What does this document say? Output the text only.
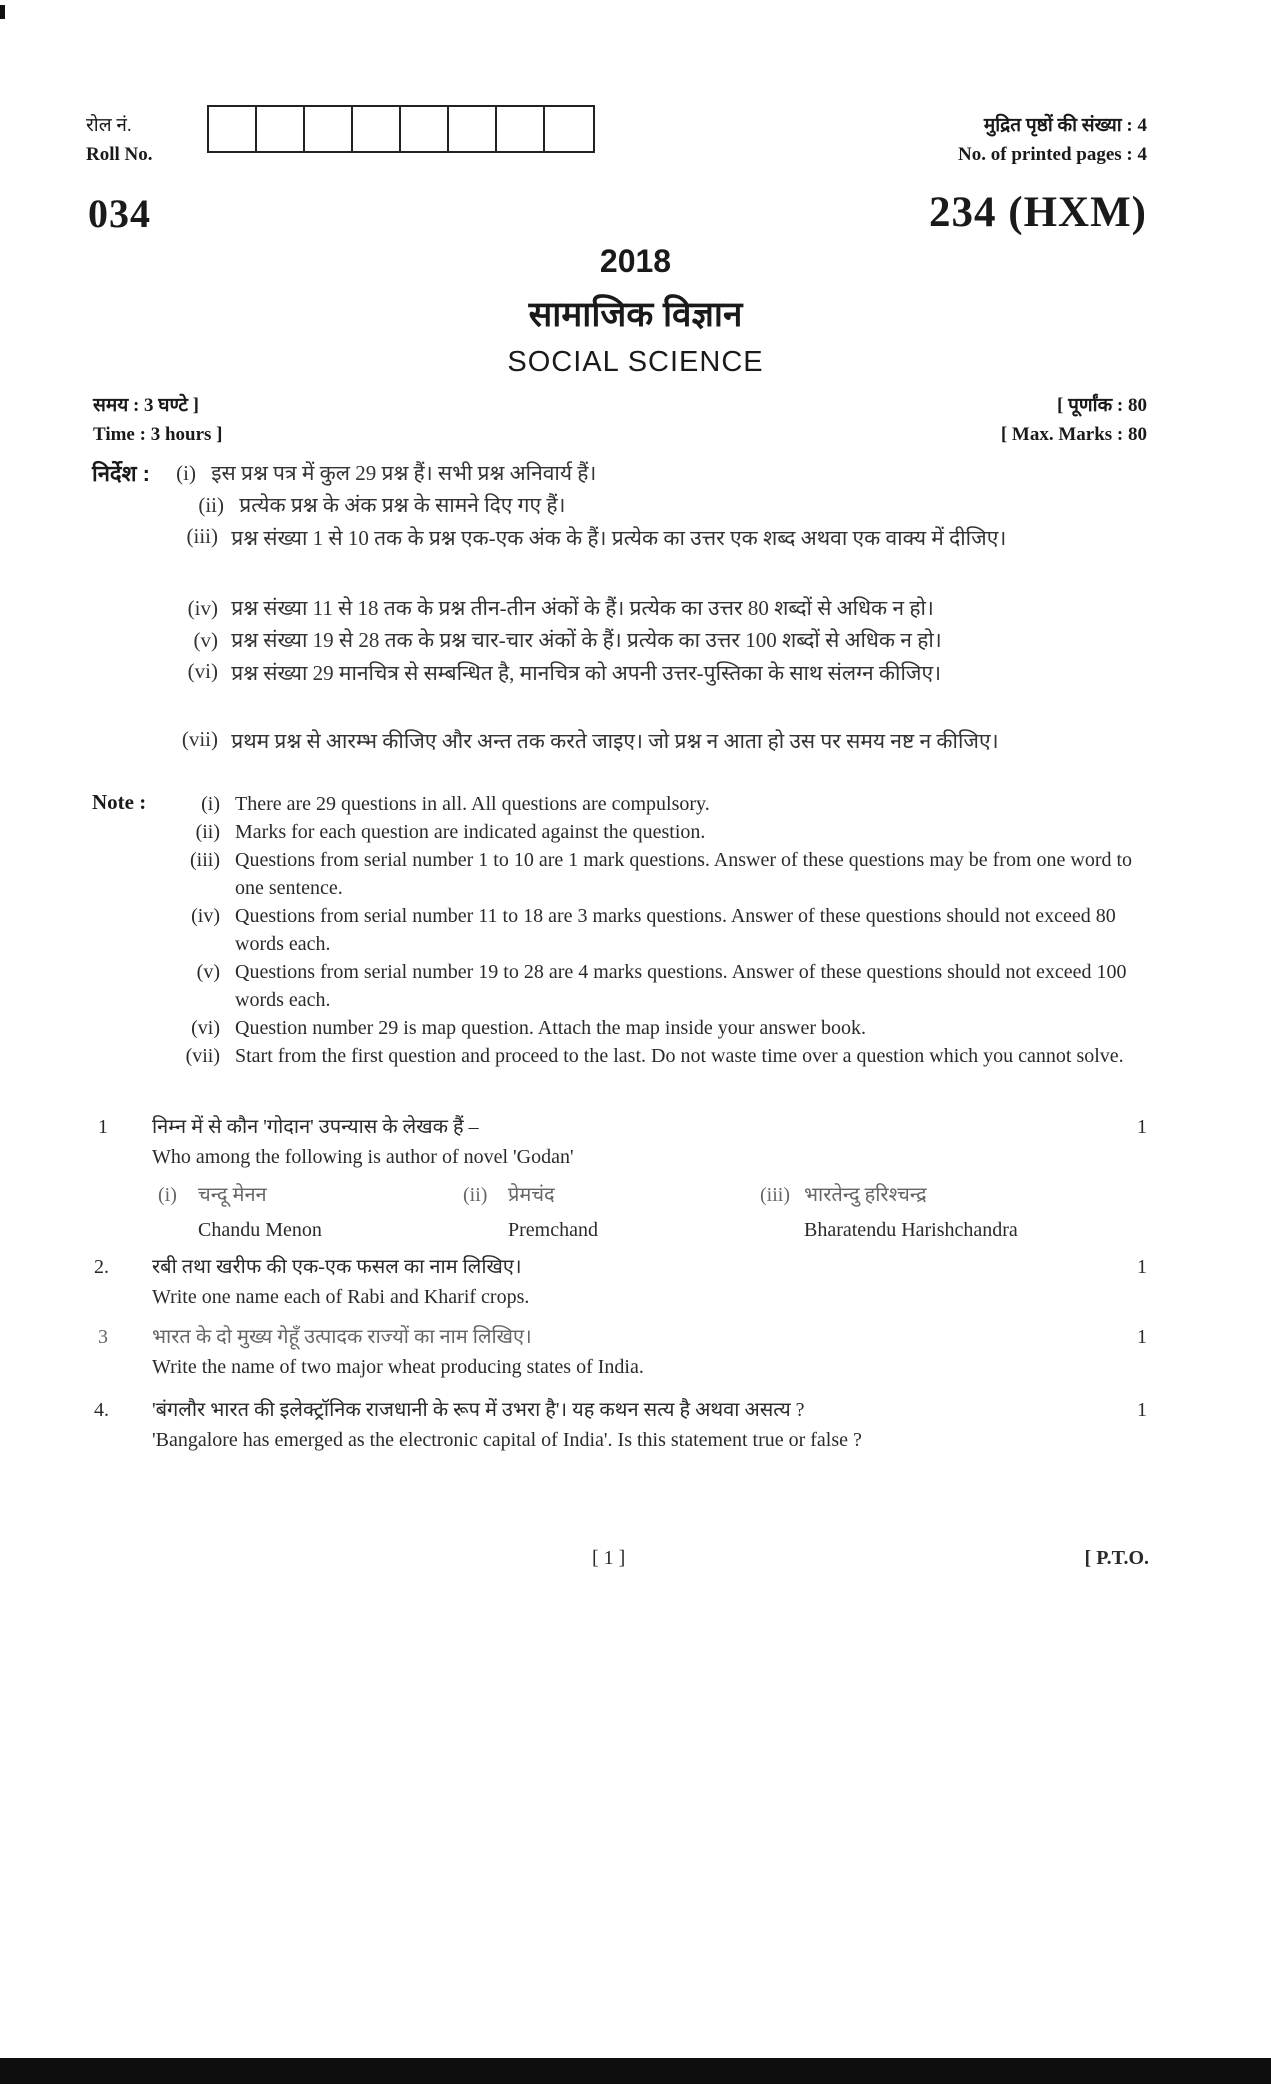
रोल नं.
Roll No.
मुद्रित पृष्ठों की संख्या : 4
No. of printed pages : 4
034	234 (HXM)
2018
सामाजिक विज्ञान
SOCIAL SCIENCE
समय : 3 घण्टे ]
Time : 3 hours ]
[ पूर्णांक : 80
[ Max. Marks : 80
निर्देश :	(i) इस प्रश्न पत्र में कुल 29 प्रश्न हैं। सभी प्रश्न अनिवार्य हैं।
(ii) प्रत्येक प्रश्न के अंक प्रश्न के सामने दिए गए हैं।
(iii) प्रश्न संख्या 1 से 10 तक के प्रश्न एक-एक अंक के हैं। प्रत्येक का उत्तर एक शब्द अथवा एक वाक्य में दीजिए।
(iv) प्रश्न संख्या 11 से 18 तक के प्रश्न तीन-तीन अंकों के हैं। प्रत्येक का उत्तर 80 शब्दों से अधिक न हो।
(v) प्रश्न संख्या 19 से 28 तक के प्रश्न चार-चार अंकों के हैं। प्रत्येक का उत्तर 100 शब्दों से अधिक न हो।
(vi) प्रश्न संख्या 29 मानचित्र से सम्बन्धित है, मानचित्र को अपनी उत्तर-पुस्तिका के साथ संलग्न कीजिए।
(vii) प्रथम प्रश्न से आरम्भ कीजिए और अन्त तक करते जाइए। जो प्रश्न न आता हो उस पर समय नष्ट न कीजिए।
Note :	(i) There are 29 questions in all. All questions are compulsory.
(ii) Marks for each question are indicated against the question.
(iii) Questions from serial number 1 to 10 are 1 mark questions. Answer of these questions may be from one word to one sentence.
(iv) Questions from serial number 11 to 18 are 3 marks questions. Answer of these questions should not exceed 80 words each.
(v) Questions from serial number 19 to 28 are 4 marks questions. Answer of these questions should not exceed 100 words each.
(vi) Question number 29 is map question. Attach the map inside your answer book.
(vii) Start from the first question and proceed to the last. Do not waste time over a question which you cannot solve.
1 निम्न में से कौन 'गोदान' उपन्यास के लेखक हैं –
Who among the following is author of novel 'Godan'
1
(i) चन्दू मेनन
Chandu Menon
(ii) प्रेमचंद
Premchand
(iii) भारतेन्दु हरिश्चन्द्र
Bharatendu Harishchandra
2. रबी तथा खरीफ की एक-एक फसल का नाम लिखिए।
Write one name each of Rabi and Kharif crops.
1
3 भारत के दो मुख्य गेहूँ उत्पादक राज्यों का नाम लिखिए।
Write the name of two major wheat producing states of India.
1
4. 'बंगलौर भारत की इलेक्ट्रॉनिक राजधानी के रूप में उभरा है'। यह कथन सत्य है अथवा असत्य ?
'Bangalore has emerged as the electronic capital of India'. Is this statement true or false ?
1
[ 1 ]	[ P.T.O.
